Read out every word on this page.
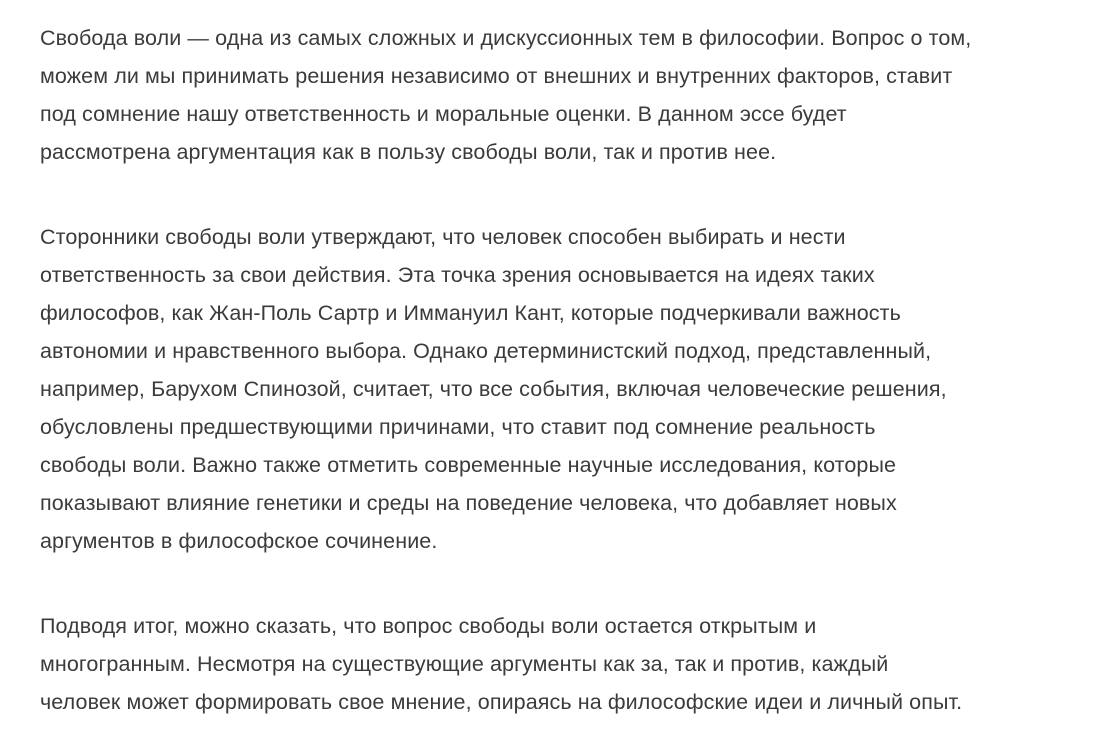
Свобода воли — одна из самых сложных и дискуссионных тем в философии. Вопрос о том,
можем ли мы принимать решения независимо от внешних и внутренних факторов, ставит
под сомнение нашу ответственность и моральные оценки. В данном эссе будет
рассмотрена аргументация как в пользу свободы воли, так и против нее.
Сторонники свободы воли утверждают, что человек способен выбирать и нести
ответственность за свои действия. Эта точка зрения основывается на идеях таких
философов, как Жан-Поль Сартр и Иммануил Кант, которые подчеркивали важность
автономии и нравственного выбора. Однако детерминистский подход, представленный,
например, Барухом Спинозой, считает, что все события, включая человеческие решения,
обусловлены предшествующими причинами, что ставит под сомнение реальность
свободы воли. Важно также отметить современные научные исследования, которые
показывают влияние генетики и среды на поведение человека, что добавляет новых
аргументов в философское сочинение.
Подводя итог, можно сказать, что вопрос свободы воли остается открытым и
многогранным. Несмотря на существующие аргументы как за, так и против, каждый
человек может формировать свое мнение, опираясь на философские идеи и личный опыт.
